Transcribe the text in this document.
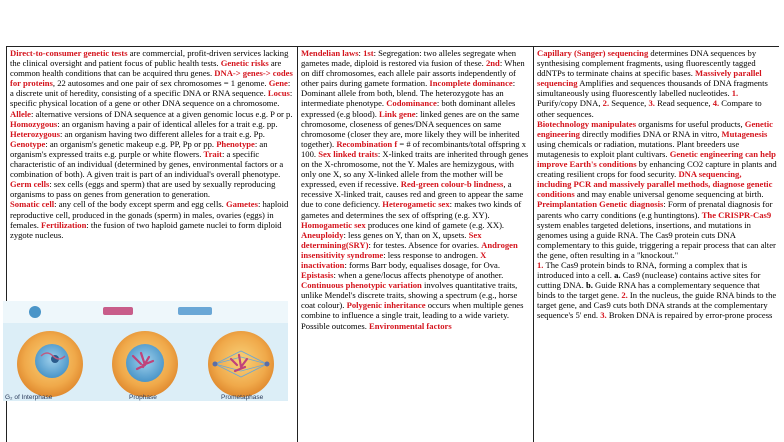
Direct-to-consumer genetic tests are commercial, profit-driven services lacking the clinical oversight and patient focus of public health tests. Genetic risks are common health conditions that can be acquired thru genes. DNA-> genes-> codes for proteins, 22 autosomes and one pair of sex chromosomes = 1 genome. Gene: a discrete unit of heredity, consisting of a specific DNA or RNA sequence. Locus: specific physical location of a gene or other DNA sequence on a chromosome. Allele: alternative versions of DNA sequence at a given genomic locus e.g. P or p. Homozygous: an organism having a pair of identical alleles for a trait e.g. pp. Heterozygous: an organism having two different alleles for a trait e.g. Pp. Genotype: an organism's genetic makeup e.g. PP, Pp or pp. Phenotype: an organism's expressed traits e.g. purple or white flowers. Trait: a specific characteristic of an individual (determined by genes, environmental factors or a combination of both). A given trait is part of an individual's overall phenotype. Germ cells: sex cells (eggs and sperm) that are used by sexually reproducing organisms to pass on genes from generation to generation.
Somatic cell: any cell of the body except sperm and egg cells. Gametes: haploid reproductive cell, produced in the gonads (sperm) in males, ovaries (eggs) in females. Fertilization: the fusion of two haploid gamete nuclei to form diploid zygote nucleus.
Mendelian laws: 1st: Segregation: two alleles segregate when gametes made, diploid is restored via fusion of these. 2nd: When on diff chromosomes, each allele pair assorts independently of other pairs during gamete formation. Incomplete dominance: Dominant allele from both, blend. The heterozygote has an intermediate phenotype. Codominance: both dominant alleles expressed (e.g blood). Link gene: linked genes are on the same chromosome, closeness of genes/DNA sequences on same chromosome (closer they are, more likely they will be inherited together). Recombination f = # of recombinants/total offspring x 100. Sex linked traits: X-linked traits are inherited through genes on the X-chromosome, not the Y. Males are hemizygous, with only one X, so any X-linked allele from the mother will be expressed, even if recessive. Red-green colour-b lindness, a recessive X-linked trait, causes red and green to appear the same due to cone deficiency. Heterogametic sex: makes two kinds of gametes and determines the sex of offspring (e.g. XY). Homogametic sex produces one kind of gamete (e.g. XX). Aneuploidy: less genes on Y, than on X, upsets. Sex determining(SRY): for testes. Absence for ovaries. Androgen insensitivity syndrome: less response to androgen. X inactivation: forms Barr body, equalises dosage, for Ova. Epistasis: when a gene/locus affects phenotype of another. Continuous phenotypic variation involves quantitative traits, unlike Mendel's discrete traits, showing a spectrum (e.g., horse coat colour). Polygenic inheritance occurs when multiple genes combine to influence a single trait, leading to a wide variety. Possible outcomes. Environmental factors
Capillary (Sanger) sequencing determines DNA sequences by synthesising complement fragments, using fluorescently tagged ddNTPs to terminate chains at specific bases. Massively parallel sequencing Amplifies and sequences thousands of DNA fragments simultaneously using fluorescently labelled nucleotides. 1. Purify/copy DNA, 2. Sequence, 3. Read sequence, 4. Compare to other sequences.
Biotechnology manipulates organisms for useful products, Genetic engineering directly modifies DNA or RNA in vitro, Mutagenesis using chemicals or radiation, mutations. Plant breeders use mutagenesis to exploit plant cultivars. Genetic engineering can help improve Earth's conditions by enhancing CO2 capture in plants and creating resilient crops for food security. DNA sequencing, including PCR and massively parallel methods, diagnose genetic conditions and may enable universal genome sequencing at birth.
Preimplantation Genetic diagnosis: Form of prenatal diagnosis for parents who carry conditions (e.g huntingtons). The CRISPR-Cas9 system enables targeted deletions, insertions, and mutations in genomes using a guide RNA. The Cas9 protein cuts DNA complementary to this guide, triggering a repair process that can alter the gene, often resulting in a "knockout."
1. The Cas9 protein binds to RNA, forming a complex that is introduced into a cell. a. Cas9 (nuclease) contains active sites for cutting DNA. b. Guide RNA has a complementary sequence that binds to the target gene. 2. In the nucleus, the guide RNA binds to the target gene, and Cas9 cuts both DNA strands at the complementary sequence's 5' end. 3. Broken DNA is repaired by error-prone process
G₂ of Interphase	Prophase	Prometaphase
